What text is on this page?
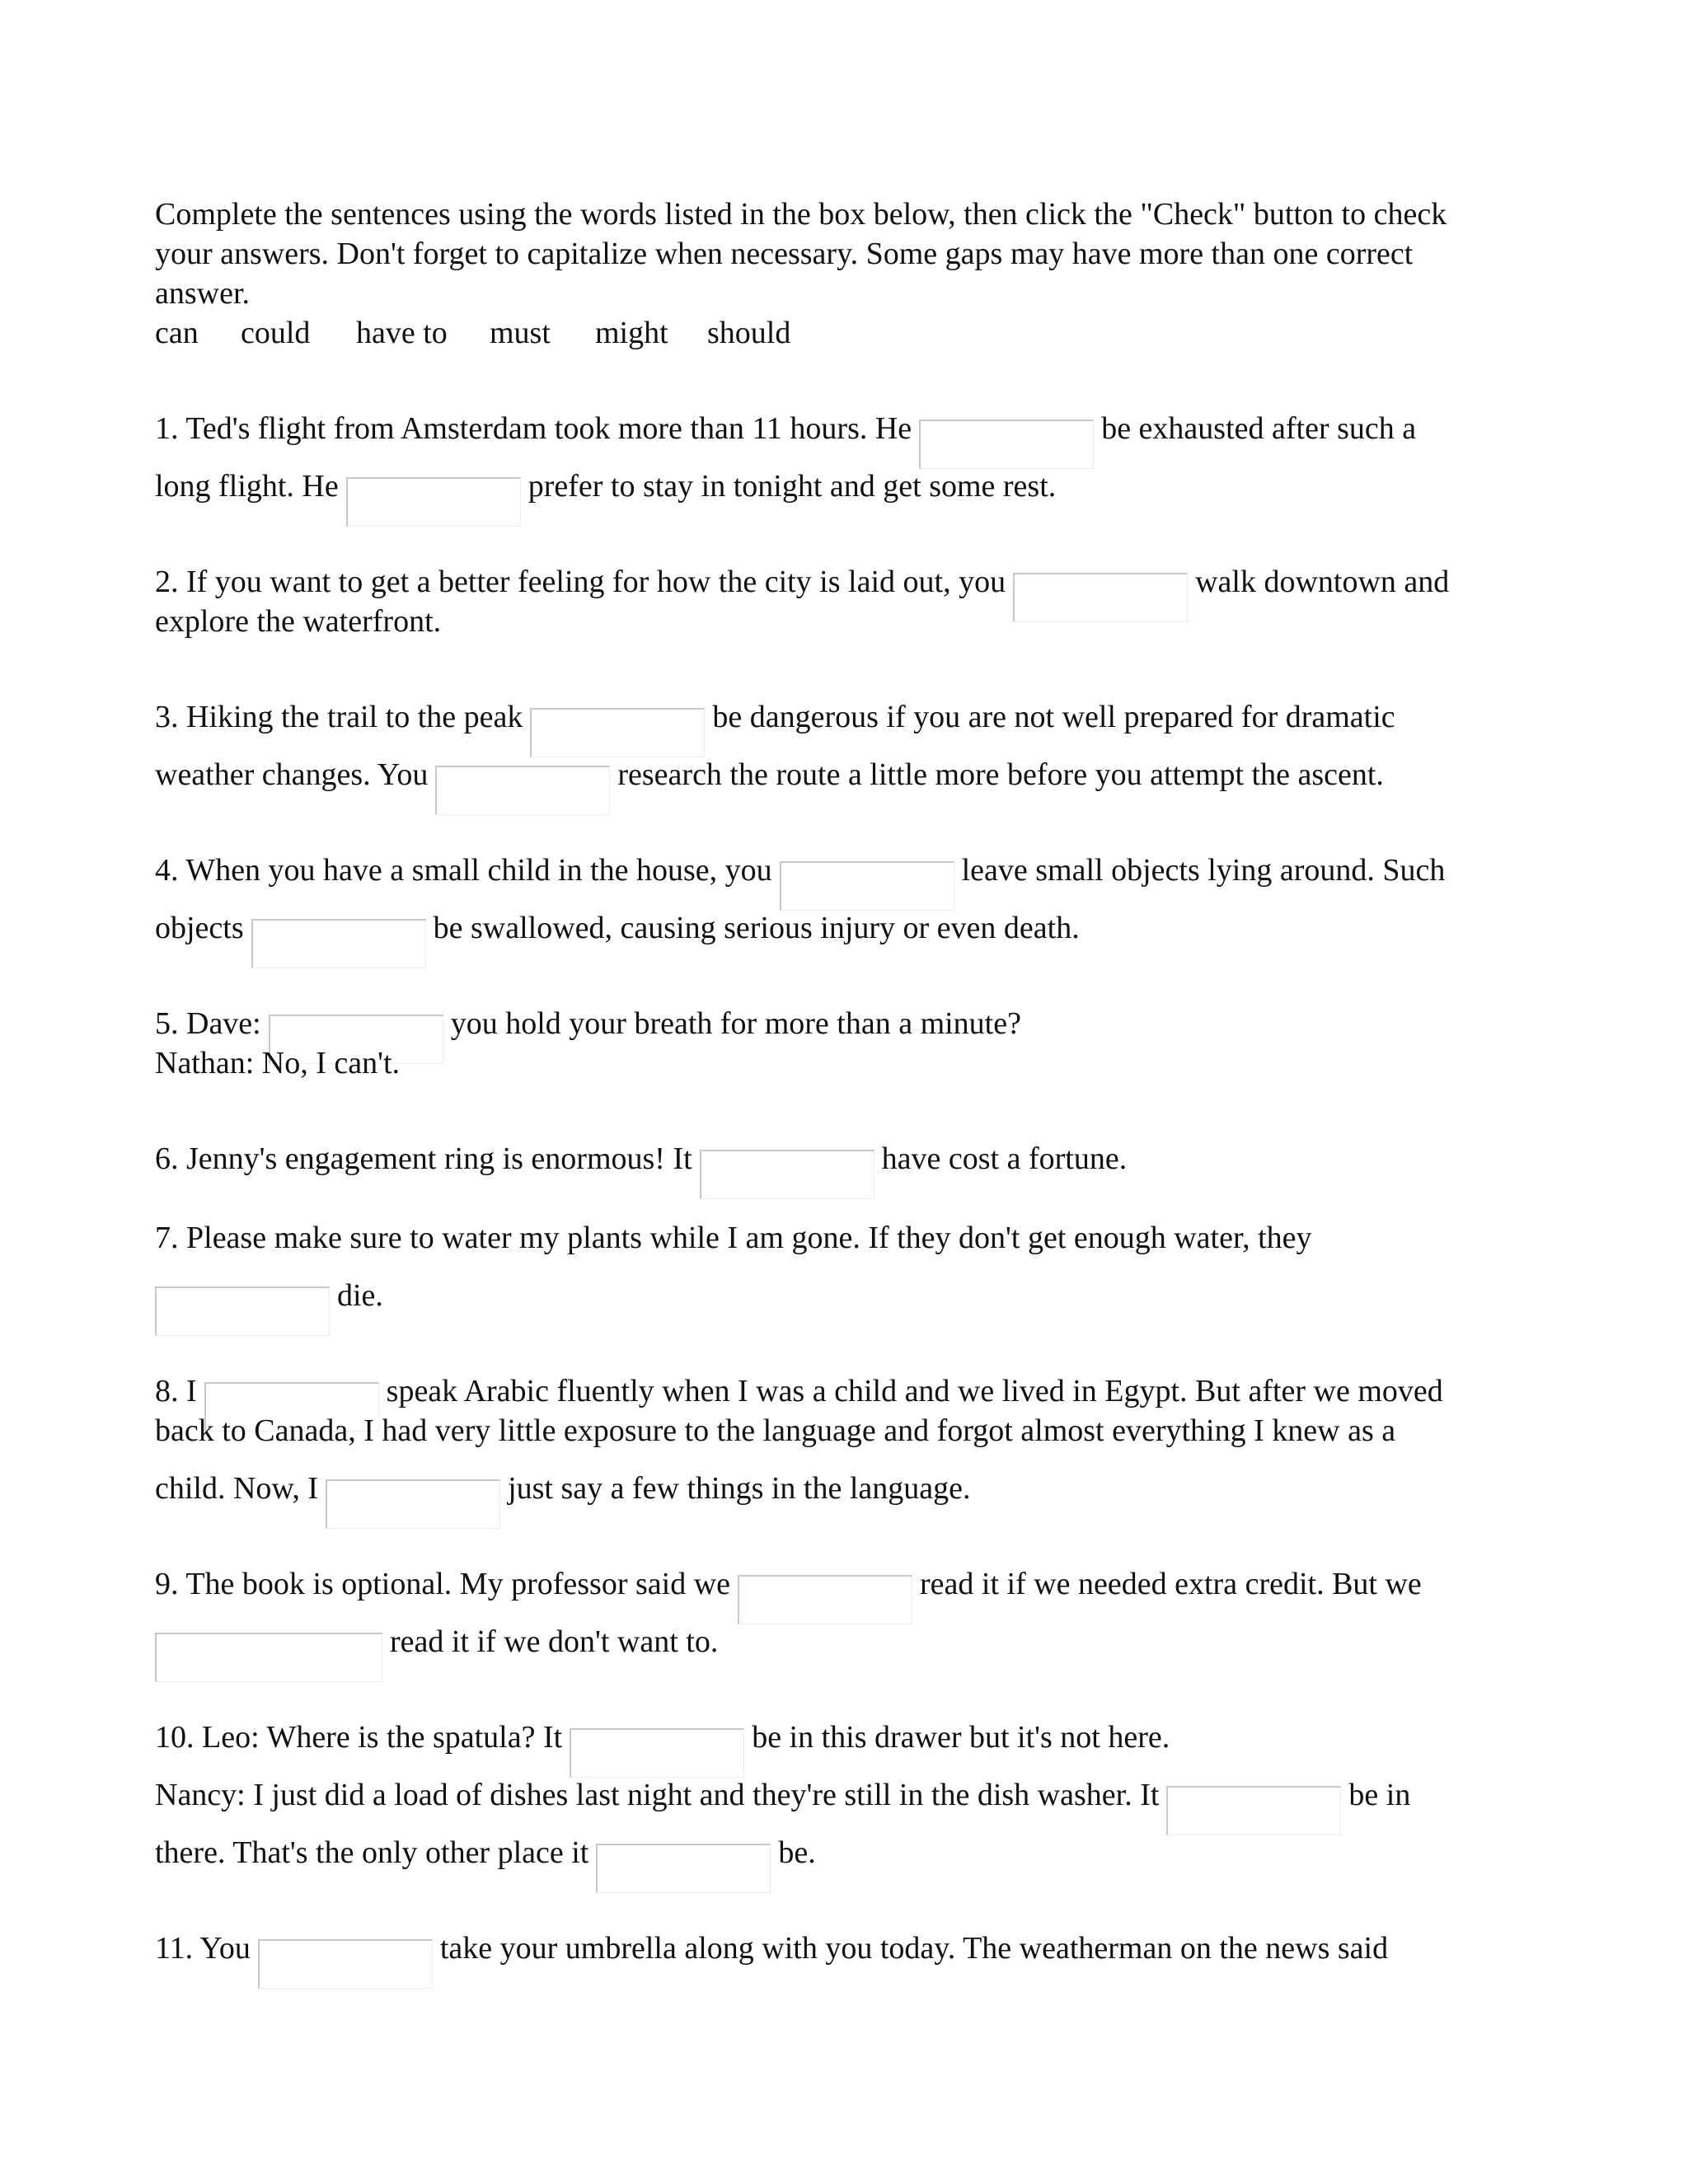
Complete the sentences using the words listed in the box below, then click the "Check" button to check
your answers. Don't forget to capitalize when necessary. Some gaps may have more than one correct
answer.
can could have to must might should
1. Ted's flight from Amsterdam took more than 11 hours. He	be exhausted after such a
long flight. He	prefer to stay in tonight and get some rest.
2. If you want to get a better feeling for how the city is laid out, you	walk downtown and
explore the waterfront.
3. Hiking the trail to the peak	be dangerous if you are not well prepared for dramatic
weather changes. You	research the route a little more before you attempt the ascent.
4. When you have a small child in the house, you	leave small objects lying around. Such
objects	be swallowed, causing serious injury or even death.
5. Dave:	you hold your breath for more than a minute?
Nathan: No, I can't.
6. Jenny's engagement ring is enormous! It	have cost a fortune.
7. Please make sure to water my plants while I am gone. If they don't get enough water, they
die.
8. I	speak Arabic fluently when I was a child and we lived in Egypt. But after we moved
back to Canada, I had very little exposure to the language and forgot almost everything I knew as a
child. Now, I	just say a few things in the language.
9. The book is optional. My professor said we	read it if we needed extra credit. But we
read it if we don't want to.
10. Leo: Where is the spatula? It	be in this drawer but it's not here.
Nancy: I just did a load of dishes last night and they're still in the dish washer. It	be in
there. That's the only other place it	be.
11. You	take your umbrella along with you today. The weatherman on the news said
